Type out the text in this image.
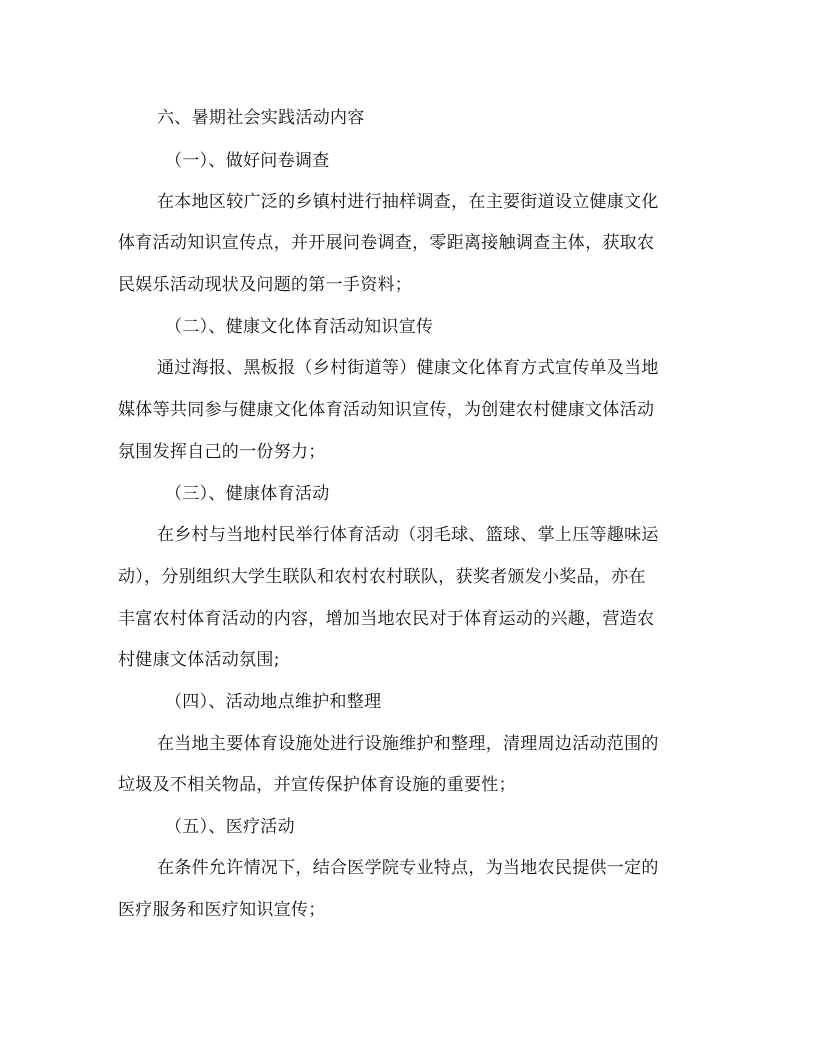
六、暑期社会实践活动内容
（一）、做好问卷调查
在本地区较广泛的乡镇村进行抽样调查，在主要街道设立健康文化
体育活动知识宣传点，并开展问卷调查，零距离接触调查主体，获取农
民娱乐活动现状及问题的第一手资料；
（二）、健康文化体育活动知识宣传
通过海报、黑板报（乡村街道等）健康文化体育方式宣传单及当地
媒体等共同参与健康文化体育活动知识宣传，为创建农村健康文体活动
氛围发挥自己的一份努力；
（三）、健康体育活动
在乡村与当地村民举行体育活动（羽毛球、篮球、掌上压等趣味运
动），分别组织大学生联队和农村农村联队，获奖者颁发小奖品，亦在
丰富农村体育活动的内容，增加当地农民对于体育运动的兴趣，营造农
村健康文体活动氛围;
（四）、活动地点维护和整理
在当地主要体育设施处进行设施维护和整理，清理周边活动范围的
垃圾及不相关物品，并宣传保护体育设施的重要性；
（五）、医疗活动
在条件允许情况下，结合医学院专业特点，为当地农民提供一定的
医疗服务和医疗知识宣传；
